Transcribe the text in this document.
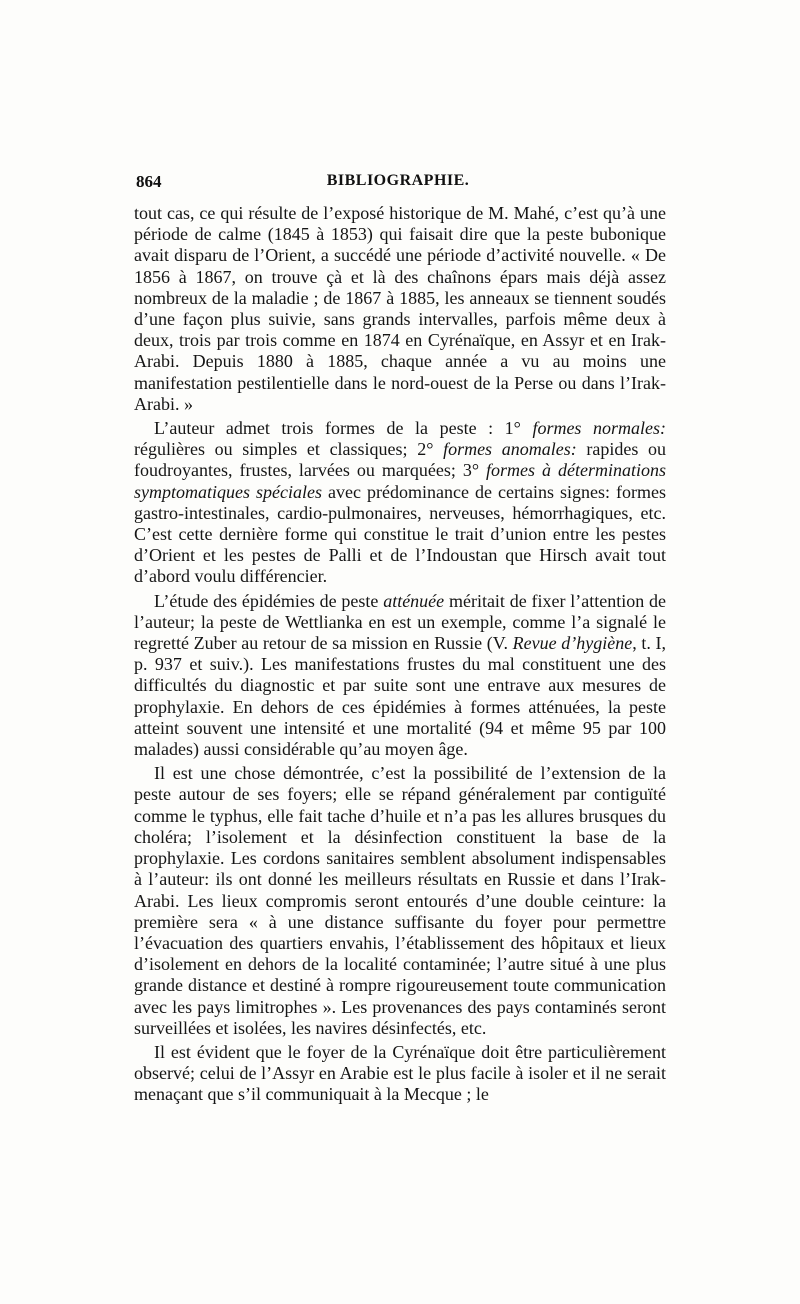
864	BIBLIOGRAPHIE.

tout cas, ce qui résulte de l’exposé historique de M. Mahé, c’est qu’à une période de calme (1845 à 1853) qui faisait dire que la peste bubonique avait disparu de l’Orient, a succédé une période d’activité nouvelle. « De 1856 à 1867, on trouve çà et là des chaînons épars mais déjà assez nombreux de la maladie ; de 1867 à 1885, les anneaux se tiennent soudés d’une façon plus suivie, sans grands intervalles, parfois même deux à deux, trois par trois comme en 1874 en Cyrénaïque, en Assyr et en Irak-Arabi. Depuis 1880 à 1885, chaque année a vu au moins une manifestation pestilentielle dans le nord-ouest de la Perse ou dans l’Irak-Arabi. »

L’auteur admet trois formes de la peste : 1° formes normales: régulières ou simples et classiques; 2° formes anomales: rapides ou foudroyantes, frustes, larvées ou marquées; 3° formes à déterminations symptomatiques spéciales avec prédominance de certains signes: formes gastro-intestinales, cardio-pulmonaires, nerveuses, hémorrhagiques, etc. C’est cette dernière forme qui constitue le trait d’union entre les pestes d’Orient et les pestes de Palli et de l’Indoustan que Hirsch avait tout d’abord voulu différencier.

L’étude des épidémies de peste atténuée méritait de fixer l’attention de l’auteur; la peste de Wettlianka en est un exemple, comme l’a signalé le regretté Zuber au retour de sa mission en Russie (V. Revue d’hygiène, t. I, p. 937 et suiv.). Les manifestations frustes du mal constituent une des difficultés du diagnostic et par suite sont une entrave aux mesures de prophylaxie. En dehors de ces épidémies à formes atténuées, la peste atteint souvent une intensité et une mortalité (94 et même 95 par 100 malades) aussi considérable qu’au moyen âge.

Il est une chose démontrée, c’est la possibilité de l’extension de la peste autour de ses foyers; elle se répand généralement par contiguïté comme le typhus, elle fait tache d’huile et n’a pas les allures brusques du choléra; l’isolement et la désinfection constituent la base de la prophylaxie. Les cordons sanitaires semblent absolument indispensables à l’auteur: ils ont donné les meilleurs résultats en Russie et dans l’Irak-Arabi. Les lieux compromis seront entourés d’une double ceinture: la première sera « à une distance suffisante du foyer pour permettre l’évacuation des quartiers envahis, l’établissement des hôpitaux et lieux d’isolement en dehors de la localité contaminée; l’autre situé à une plus grande distance et destiné à rompre rigoureusement toute communication avec les pays limitrophes ». Les provenances des pays contaminés seront surveillées et isolées, les navires désinfectés, etc.

Il est évident que le foyer de la Cyrénaïque doit être particulièrement observé; celui de l’Assyr en Arabie est le plus facile à isoler et il ne serait menaçant que s’il communiquait à la Mecque ; le
